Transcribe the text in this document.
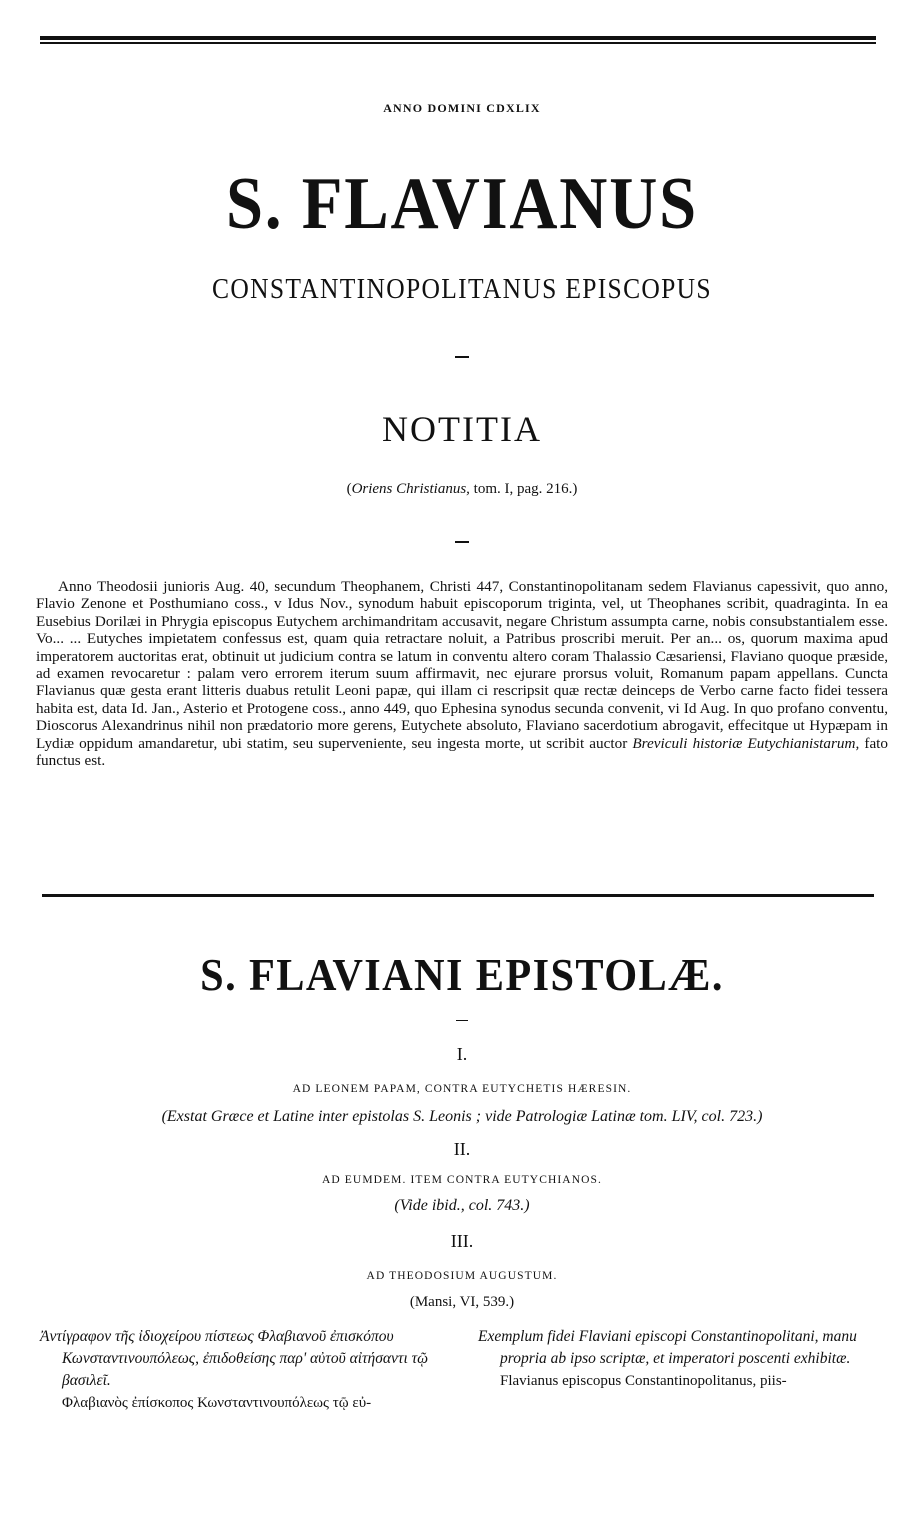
ANNO DOMINI CDXLIX
S. FLAVIANUS
CONSTANTINOPOLITANUS EPISCOPUS
NOTITIA
(Oriens Christianus, tom. I, pag. 216.)

Anno Theodosii junioris Aug. 40, secundum Theophanem, Christi 447, Constantinopolitanam sedem Flavianus capessivit, quo anno, Flavio Zenone et Posthumiano coss., v Idus Nov., synodum habuit episcoporum triginta, vel, ut Theophanes scribit, quadraginta. In ea Eusebius Dorilæi in Phrygia episcopus Eutychem archimandritam accusavit, negare Christum assumpta carne, nobis consubstantialem esse. Vo... ... Eutyches impietatem confessus est, quam quia retractare noluit, a Patribus proscribi meruit. Per an... os, quorum maxima apud imperatorem auctoritas erat, obtinuit ut judicium contra se latum in conventu altero coram Thalassio Cæsariensi, Flaviano quoque præside, ad examen revocaretur : palam vero errorem iterum suum affirmavit, nec ejurare prorsus voluit, Romanum papam appellans. Cuncta Flavianus quæ gesta erant litteris duabus retulit Leoni papæ, qui illam ci rescripsit quæ rectæ deinceps de Verbo carne facto fidei tessera habita est, data Id. Jan., Asterio et Protogene coss., anno 449, quo Ephesina synodus secunda convenit, vi Id Aug. In quo profano conventu, Dioscorus Alexandrinus nihil non prædatorio more gerens, Eutychete absoluto, Flaviano sacerdotium abrogavit, effecitque ut Hypæpam in Lydiæ oppidum amandaretur, ubi statim, seu superveniente, seu ingesta morte, ut scribit auctor Breviculi historiæ Eutychianistarum, fato functus est.

S. FLAVIANI EPISTOLÆ.
I.
AD LEONEM PAPAM, CONTRA EUTYCHETIS HÆRESIN.
(Exstat Græce et Latine inter epistolas S. Leonis ; vide Patrologiæ Latinæ tom. LIV, col. 723.)
II.
AD EUMDEM. ITEM CONTRA EUTYCHIANOS.
(Vide ibid., col. 743.)
III.
AD THEODOSIUM AUGUSTUM.
(Mansi, VI, 539.)

Ἀντίγραφον τῆς ἰδιοχείρου πίστεως Φλαβιανοῦ ἐπισκόπου Κωνσταντινουπόλεως, ἐπιδοθείσης παρ' αὐτοῦ αἰτήσαντι τῷ βασιλεῖ.

Φλαβιανὸς ἐπίσκοπος Κωνσταντινουπόλεως τῷ εὐ-

Exemplum fidei Flaviani episcopi Constantinopolitani, manu propria ab ipso scriptæ, et imperatori poscenti exhibitæ.

Flavianus episcopus Constantinopolitanus, piis-
